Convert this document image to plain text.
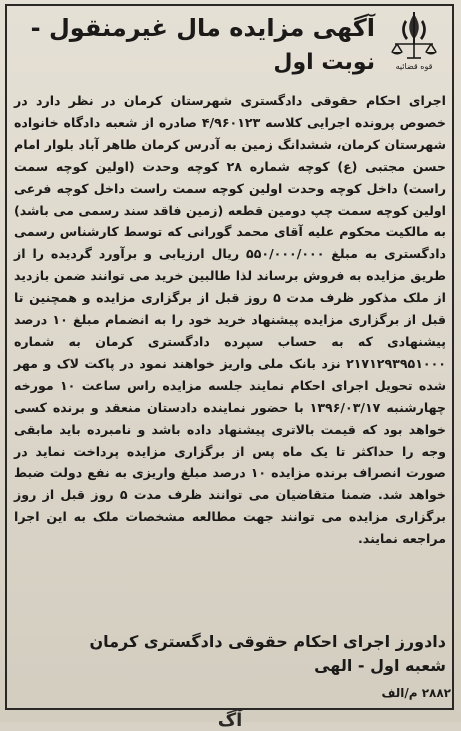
قوه قضائیه
آگهی مزایده مال غیرمنقول -
نوبت اول
اجرای احکام حقوقی دادگستری شهرستان کرمان در نظر دارد در خصوص پرونده اجرایی کلاسه ۴/۹۶۰۱۲۳ صادره از شعبه دادگاه خانواده شهرستان کرمان، ششدانگ زمین به آدرس کرمان طاهر آباد بلوار امام حسن مجتبی (ع) کوچه شماره ۲۸ کوچه وحدت (اولین کوچه سمت راست) داخل کوچه وحدت اولین کوچه سمت راست داخل کوچه فرعی اولین کوچه سمت چپ دومین قطعه (زمین فاقد سند رسمی می باشد) به مالکیت محکوم علیه آقای محمد گورانی که توسط کارشناس رسمی دادگستری به مبلغ ۵۵۰/۰۰۰/۰۰۰ ریال ارزیابی و برآورد گردیده را از طریق مزایده به فروش برساند لذا طالبین خرید می توانند ضمن بازدید از ملک مذکور ظرف مدت ۵ روز قبل از برگزاری مزایده و همچنین تا قبل از برگزاری مزایده پیشنهاد خرید خود را به انضمام مبلغ ۱۰ درصد پیشنهادی که به حساب سپرده دادگستری کرمان به شماره ۲۱۷۱۲۹۳۹۵۱۰۰۰ نزد بانک ملی واریز خواهند نمود در پاکت لاک و مهر شده تحویل اجرای احکام نمایند جلسه مزایده راس ساعت ۱۰ مورخه چهارشنبه ۱۳۹۶/۰۳/۱۷ با حضور نماینده دادستان منعقد و برنده کسی خواهد بود که قیمت بالاتری پیشنهاد داده باشد و نامبرده باید مابقی وجه را حداکثر تا یک ماه پس از برگزاری مزایده پرداخت نماید در صورت انصراف برنده مزایده ۱۰ درصد مبلغ واریزی به نفع دولت ضبط خواهد شد. ضمنا متقاضیان می توانند ظرف مدت ۵ روز قبل از روز برگزاری مزایده می توانند جهت مطالعه مشخصات ملک به این اجرا مراجعه نمایند.
دادورز اجرای احکام حقوقی دادگستری کرمان
شعبه اول - الهی
۲۸۸۲ م/الف
آگ
